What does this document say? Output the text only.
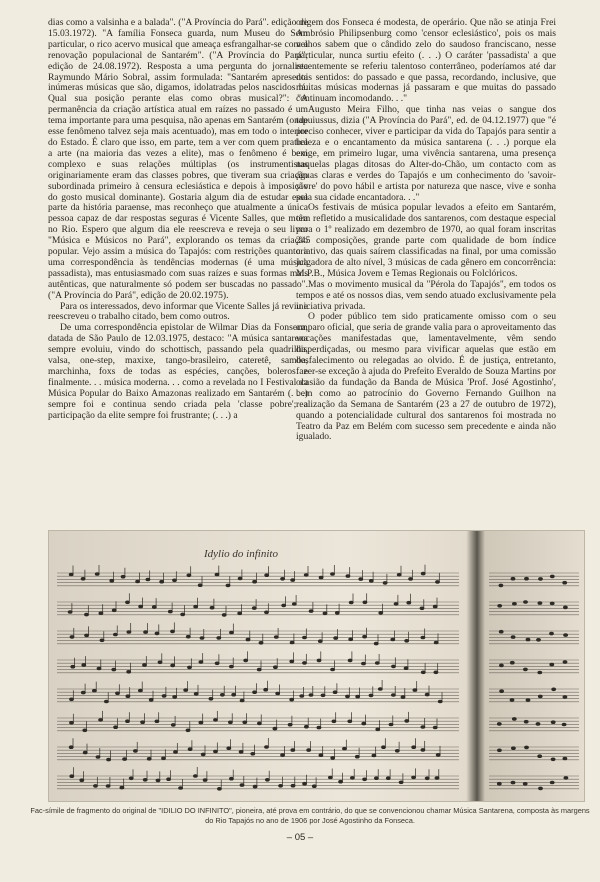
dias como a valsinha e a balada". ("A Província do Pará". edição de 15.03.1972). "A família Fonseca guarda, num Museu do Som particular, o rico acervo musical que ameaça esfrangalhar-se com a renovação populacional de Santarém". ("A Província do Pará", edição de 24.08.1972). Resposta a uma pergunta do jornalista Raymundo Mário Sobral, assim formulada: "Santarém apresenta inúmeras músicas que são, digamos, idolatradas pelos nascidos lá. Qual sua posição perante elas como obras musical?": "A permanência da criação artística atual em raízes no passado é um tema importante para uma pesquisa, não apenas em Santarém (onde esse fenômeno talvez seja mais acentuado), mas em todo o interior do Estado. É claro que isso, em parte, tem a ver com quem pratica a arte (na maioria das vezes a elite), mas o fenômeno é bem complexo e suas relações múltiplas (os instrumentistas originariamente eram das classes pobres, que tiveram sua criação subordinada primeiro à censura eclesiástica e depois à imposição do gosto musical dominante). Gostaria algum dia de estudar essa parte da história paraense, mas reconheço que atualmente a única pessoa capaz de dar respostas seguras é Vicente Salles, que mora no Rio. Espero que algum dia ele reescreva e reveja o seu livro "Música e Músicos no Pará", explorando os temas da criação popular. Vejo assim a música do Tapajós: com restrições quanto a uma correspondência às tendências modernas (é uma música passadista), mas entusiasmado com suas raízes e suas formas mais autênticas, que naturalmente só podem ser buscadas no passado". ("A Província do Pará", edição de 20.02.1975).

Para os interessados, devo informar que Vicente Salles já reviu e reescreveu o trabalho citado, bem como outros.

De uma correspondência epistolar de Wilmar Dias da Fonseca, datada de São Paulo de 12.03.1975, destaco: "A música santarena sempre evoluiu, vindo do schottisch, passando pela quadrilha, valsa, one-step, maxixe, tango-brasileiro, cateretê, samba, marchinha, foxs de todas as espécies, canções, boleros e finalmente. . . música moderna. . . como a revelada no I Festival da Música Popular do Baixo Amazonas realizado em Santarém (. . .) sempre foi e continua sendo criada pela 'classe pobre'; a participação da elite sempre foi frustrante; (. . .) a

origem dos Fonseca é modesta, de operário. Que não se atinja Frei Ambrósio Philipsenburg como 'censor eclesiástico', pois os mais velhos sabem que o cândido zelo do saudoso franciscano, nesse particular, nunca surtiu efeito (. . .) O caráter 'passadista' a que recentemente se referiu talentoso conterrâneo, poderíamos até dar dois sentidos: do passado e que passa, recordando, inclusive, que muitas músicas modernas já passaram e que muitas do passado continuam incomodando. . ."

Augusto Meira Filho, que tinha nas veias o sangue dos tapuiussus, dizia ("A Província do Pará", ed. de 04.12.1977) que "é preciso conhecer, viver e participar da vida do Tapajós para sentir a beleza e o encantamento da música santarena (. . .) porque ela exige, em primeiro lugar, uma vivência santarena, uma presença naquelas plagas ditosas do Alter-do-Chão, um contacto com as águas claras e verdes do Tapajós e um conhecimento do 'savoir-vivre' do povo hábil e artista por natureza que nasce, vive e sonha pela sua cidade encantadora. . ."

Os festivais de música popular levados a efeito em Santarém, têm refletido a musicalidade dos santarenos, com destaque especial para o 1º realizado em dezembro de 1970, ao qual foram inscritas 245 composições, grande parte com qualidade de bom índice criativo, das quais saírem classificadas na final, por uma comissão julgadora de alto nível, 3 músicas de cada gênero em concorrência: M.P.B., Música Jovem e Temas Regionais ou Folclóricos.

Mas o movimento musical da "Pérola do Tapajós", em todos os tempos e até os nossos dias, vem sendo atuado exclusivamente pela iniciativa privada.

O poder público tem sido praticamente omisso com o seu amparo oficial, que seria de grande valia para o aproveitamento das vocações manifestadas que, lamentavelmente, vêm sendo disperdiçadas, ou mesmo para vivificar aquelas que estão em desfalecimento ou relegadas ao olvido. É de justiça, entretanto, fazer-se exceção à ajuda do Prefeito Everaldo de Souza Martins por ocasião da fundação da Banda de Música 'Prof. José Agostinho', bem como ao patrocínio do Governo Fernando Guilhon na realização da Semana de Santarém (23 a 27 de outubro de 1972), quando a potencialidade cultural dos santarenos foi mostrada no Teatro da Paz em Belém com sucesso sem precedente e ainda não igualado.

Idylio do infinito
Fac-símile de fragmento do original de "IDILIO DO INFINITO", pioneira, até prova em contrário, do que se convencionou chamar Música Santarena, composta às margens do Rio Tapajós no ano de 1906 por José Agostinho da Fonseca.
– 05 –
